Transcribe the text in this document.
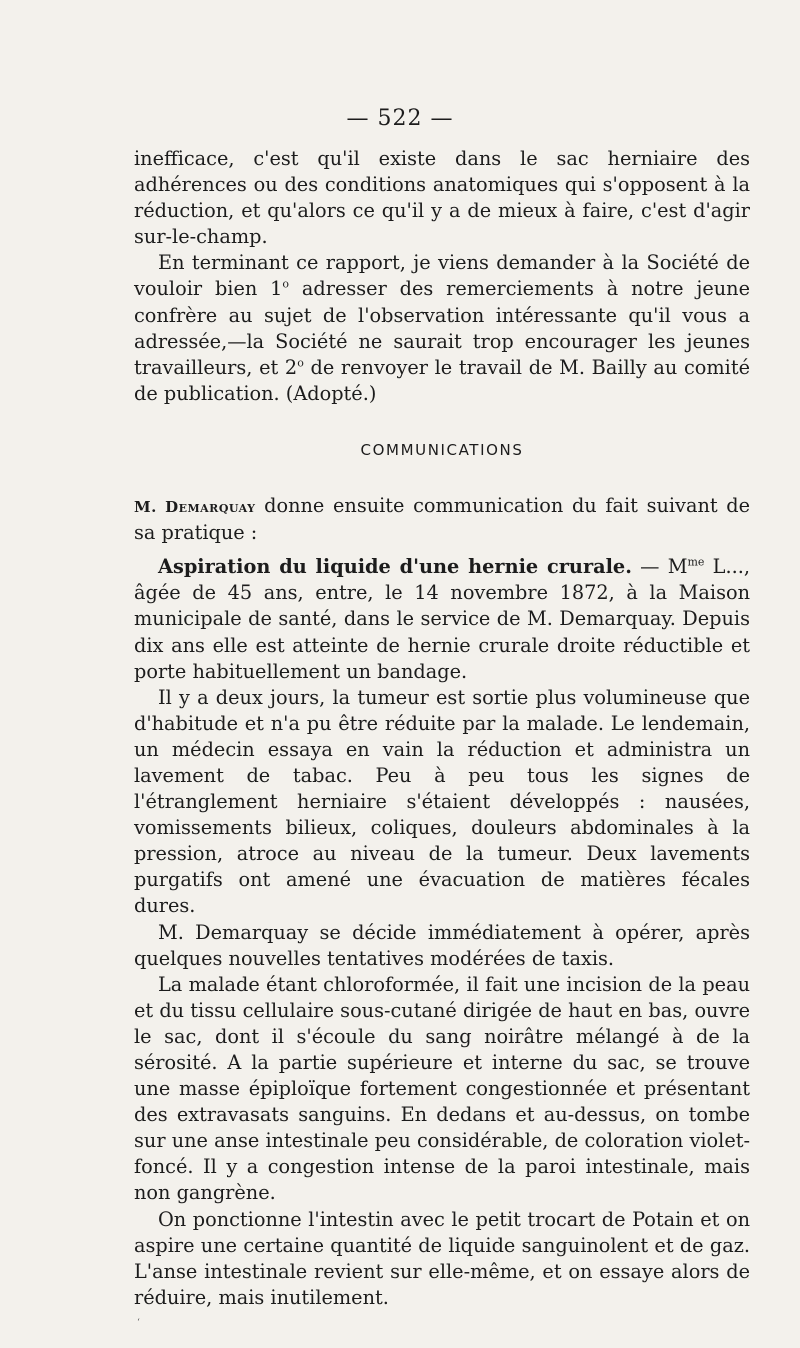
— 522 —

inefficace, c'est qu'il existe dans le sac herniaire des adhérences ou des conditions anatomiques qui s'opposent à la réduction, et qu'alors ce qu'il y a de mieux à faire, c'est d'agir sur-le-champ.

En terminant ce rapport, je viens demander à la Société de vouloir bien 1$^o$ adresser des remerciements à notre jeune confrère au sujet de l'observation intéressante qu'il vous a adressée,—la Société ne saurait trop encourager les jeunes travailleurs, et 2$^o$ de renvoyer le travail de M. Bailly au comité de publication. (Adopté.)

COMMUNICATIONS

M. Demarquay donne ensuite communication du fait suivant de sa pratique :

Aspiration du liquide d'une hernie crurale. — $M^{me}$ L..., âgée de 45 ans, entre, le 14 novembre 1872, à la Maison municipale de santé, dans le service de M. Demarquay. Depuis dix ans elle est atteinte de hernie crurale droite réductible et porte habituellement un bandage.

Il y a deux jours, la tumeur est sortie plus volumineuse que d'habitude et n'a pu être réduite par la malade. Le lendemain, un médecin essaya en vain la réduction et administra un lavement de tabac. Peu à peu tous les signes de l'étranglement herniaire s'étaient développés : nausées, vomissements bilieux, coliques, douleurs abdominales à la pression, atroce au niveau de la tumeur. Deux lavements purgatifs ont amené une évacuation de matières fécales dures.

M. Demarquay se décide immédiatement à opérer, après quelques nouvelles tentatives modérées de taxis.

La malade étant chloroformée, il fait une incision de la peau et du tissu cellulaire sous-cutané dirigée de haut en bas, ouvre le sac, dont il s'écoule du sang noirâtre mélangé à de la sérosité. A la partie supérieure et interne du sac, se trouve une masse épiploïque fortement congestionnée et présentant des extravasats sanguins. En dedans et au-dessus, on tombe sur une anse intestinale peu considérable, de coloration violet-foncé. Il y a congestion intense de la paroi intestinale, mais non gangrène.

On ponctionne l'intestin avec le petit trocart de Potain et on aspire une certaine quantité de liquide sanguinolent et de gaz. L'anse intestinale revient sur elle-même, et on essaye alors de réduire, mais inutilement.

‘
